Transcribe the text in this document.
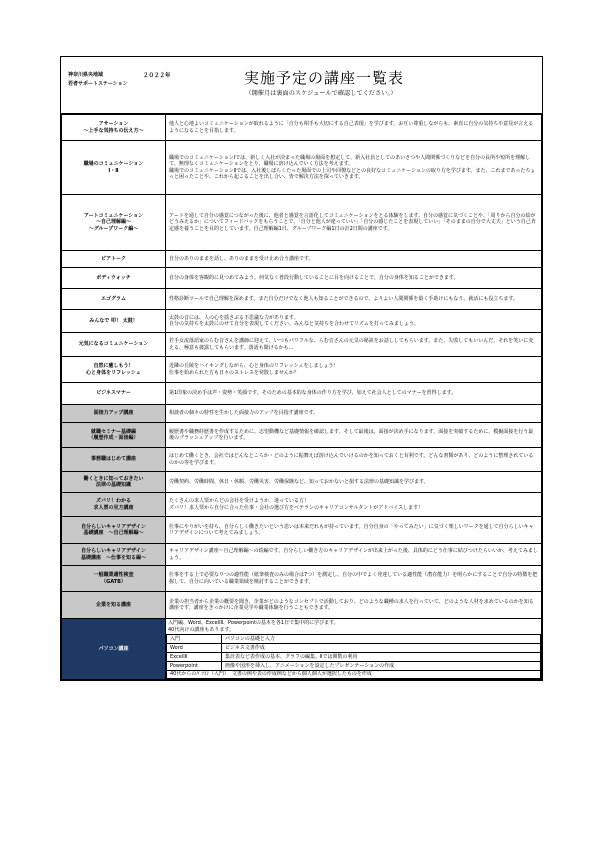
神奈川県央地域
若者サポートステーション
２０２２年	実施予定の講座一覧表
（開催月は裏面のスケジュールで確認してください。）
アサーション
～上手な気持ちの伝え方～	他人と心地よいコミュニケーションが取れるように「自分も相手も大切にする自己表現」を学びます。お互い尊重しながらも、素直に自分の気持ちや意見が言えるようになることを目指します。
職場のコミュニケーション
Ⅰ・Ⅱ	職場でのコミュニケーションⅠでは、新しく入社が決まった職場の場面を想定して、新入社員としてのあいさつや人間関係づくりなどを自分の長所や短所を理解して、無理なくコミュニケーションをとり、職場に溶け込んでいく方法を考えます。
職場でのコミュニケーションⅡでは、入社後しばらくたった場面での上司や同僚などとの良好なコミュニケーションの取り方を学びます。また、これまであったちょっと困ったことや、これから起こることを出し合い、皆で解決方法を探っていきます。
アートコミュニケーション
～自己理解編～
～グループワーク編～	アートを通して自分の感覚につながった後に、他者と感覚を言語化してコミュニケーションをとる体験をします。自分の感覚に気づくことや、「周りから自分の絵がどうみえるか」についてフィードバックをもらうことで、「自分と他人が違っていい」「自分の感じたことを表現していい」「そのままの自分で大丈夫」という自己肯定感を養うことを目的としています。自己理解編1日、グループワーク編1日の計2日間の講座です。
ピアトーク	自分のありのままを話し、ありのままを受け止め合う講座です。
ボディウォッチ	自分の身体を客観的に見つめてみよう。何気なく普段行動していることに目を向けることで、自分の身体を知ることができます。
エゴグラム	性格診断ツールで自己理解を深めます。また自分だけでなく他人も知ることができるので、よりよい人間関係を築く手助けにもなり、就活にも役立ちます。
みんなで 叩！ 太鼓！	太鼓の音には、人の心を揺さぶる不思議な力があります。
自分の気持ちを太鼓にのせて自分を表現してください。みんなと気持ちを合わせてリズムを打ってみましょう。
元気になるコミュニケーション	若手女流落語家のらむ音さんを講師に迎えて、いつもパワフルな、らむ音さんの元気の秘訣をお話ししてもらいます。また、失敗してもいいんだ、それを笑いに変える、極意も披露してもらいます。落語も聞けるかも…
自然に癒しもう！
心と身体をリフレッシュ	近隣の丘陵をハイキングしながら、心と身体のリフレッシュをしましょう！
仕事を始められた方も日々のストレスを発散しませんか？
ビジネスマナー	第1印象の決め手は声・姿勢・笑顔です。そのための基本的な身体の作り方を学び、加えて社会人としてのマナーを習得します。
面接力アップ講座	相談者の個々の特性を生かした面接力のアップを目指す講座です。
就職セミナー基礎編
（履歴作成・面接編）	履歴書や職務経歴書を作成するために、志望動機など基礎情報を確認します。そして最後は、面接が決め手になります。面接を突破するために、模擬面接を行う最後のブラッシュアップを行います。
事務職はじめて講座	はじめて働くとき、会社ではどんなところか・どのように振舞えば溶け込んでいけるのかを知っておくと有利です。どんな書類があり、どのように整理されているのかの等を学びます。
働くときに知っておきたい
法律の基礎知識	労働契約、労働時間、休日・休暇、労働災害、労働保険など、知っておかないと損する法律の基礎知識を学びます。
ズバリ！わかる
求人票の見方講座	たくさんの求人票からどの会社を受けようか、迷っている方！
ズバリ！求人票から自分に合った仕事・会社の選び方をベテランのキャリアコンサルタントがアドバイスします！
自分らしいキャリアデザイン
基礎講座　～自己理解編～	仕事にやりがいを持ち、自分らしく働きたいという思いは本来だれもが持っています。自分自身の「やってみたい」に気づく楽しいワークを通して自分らしいキャリアデザインについて考えてみましょう。
自分らしいキャリアデザイン
基礎講座　～仕事を知る編～	キャリアデザイン講座～自己理解編～の続編です。自分らしい働き方のキャリアデザインが出来上がった後、具体的にどう仕事に結びつけたらいいか、考えてみましょう。
一般職業適性検査
（GATB）	仕事をする上で必要な９つの適性能（紙筆検査のみの場合は7つ）を測定し、自分の中でよく発達している適性能（潜在能力）を明らかにすることで自分の特徴を把握して、自分に向いている職業領域を検討することができます。
企業を知る講座	企業の担当者から企業の概要を聞き、企業がどのようなコンセプトで活動しており、どのような職種の求人を行っていて、どのような人材を求めているのかを知る講座です。講座をきっかけに企業見学や職業体験を行うこともできます。
パソコン講座	
入門編、Word、ExcelⅠⅡ、Powerpointの基本を各1日で集中的に学びます。
40代向けの講座もあります。
入門	パソコンの基礎と入力
Word	ビジネス文書作成
ExcelⅠⅡ	集計表など表作成の基本、グラフの編集。Ⅱでは関数の利用
Powerpoint	画像や図形を挿入し、アニメーションを設定したプレゼンテーションの作成
40代からのﾊﾟｿｺﾝ（入門） 文書の例や表の作成例などから個人個人が選択したものを作成
